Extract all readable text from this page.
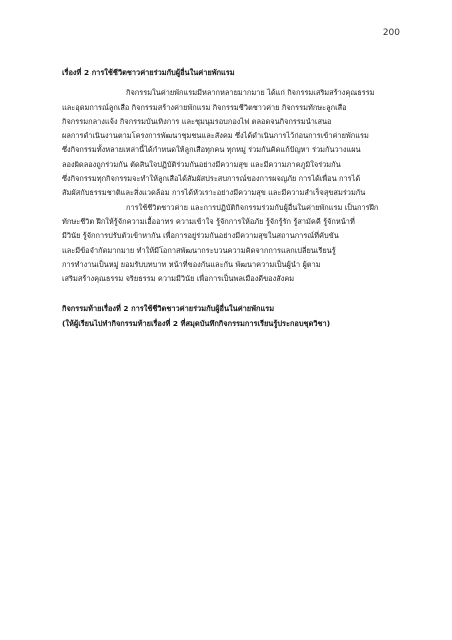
200

เรื่องที่ 2 การใช้ชีวิตชาวค่ายร่วมกับผู้อื่นในค่ายพักแรม

กิจกรรมในค่ายพักแรมมีหลากหลายมากมาย ได้แก่ กิจกรรมเสริมสร้างคุณธรรม
และอุดมการณ์ลูกเสือ กิจกรรมสร้างค่ายพักแรม กิจกรรมชีวิตชาวค่าย กิจกรรมทักษะลูกเสือ
กิจกรรมกลางแจ้ง กิจกรรมบันเทิงการ และชุมนุมรอบกองไฟ ตลอดจนกิจกรรมนำเสนอ
ผลการดำเนินงานตามโครงการพัฒนาชุมชนและสังคม ซึ่งได้ดำเนินการไว้ก่อนการเข้าค่ายพักแรม
ซึ่งกิจกรรมทั้งหลายเหล่านี้ได้กำหนดให้ลูกเสือทุกคน ทุกหมู่ ร่วมกันคิดแก้ปัญหา ร่วมกันวางแผน
ลองผิดลองถูกร่วมกัน ตัดสินใจปฏิบัติร่วมกันอย่างมีความสุข และมีความภาคภูมิใจร่วมกัน
ซึ่งกิจกรรมทุกกิจกรรมจะทำให้ลูกเสือได้สัมผัสประสบการณ์ของการผจญภัย การได้เพื่อน การได้
สัมผัสกับธรรมชาติและสิ่งแวดล้อม การได้หัวเราะอย่างมีความสุข และมีความสำเร็จสุขสมร่วมกัน

การใช้ชีวิตชาวค่าย และการปฏิบัติกิจกรรมร่วมกับผู้อื่นในค่ายพักแรม เป็นการฝึก
ทักษะชีวิต ฝึกให้รู้จักความเอื้ออาทร ความเข้าใจ รู้จักการให้อภัย รู้จักรู้รัก รู้สามัคคี รู้จักหน้าที่
มีวินัย รู้จักการปรับตัวเข้าหากัน เพื่อการอยู่ร่วมกันอย่างมีความสุขในสถานการณ์ที่คับขัน
และมีข้อจำกัดมากมาย ทำให้มีโอกาสพัฒนากระบวนความคิดจากการแลกเปลี่ยนเรียนรู้
การทำงานเป็นหมู่ ยอมรับบทบาท หน้าที่ของกันและกัน พัฒนาความเป็นผู้นำ ผู้ตาม
เสริมสร้างคุณธรรม จริยธรรม ความมีวินัย เพื่อการเป็นพลเมืองดีของสังคม

กิจกรรมท้ายเรื่องที่ 2 การใช้ชีวิตชาวค่ายร่วมกับผู้อื่นในค่ายพักแรม

(ให้ผู้เรียนไปทำกิจกรรมท้ายเรื่องที่ 2 ที่สมุดบันทึกกิจกรรมการเรียนรู้ประกอบชุดวิชา)
